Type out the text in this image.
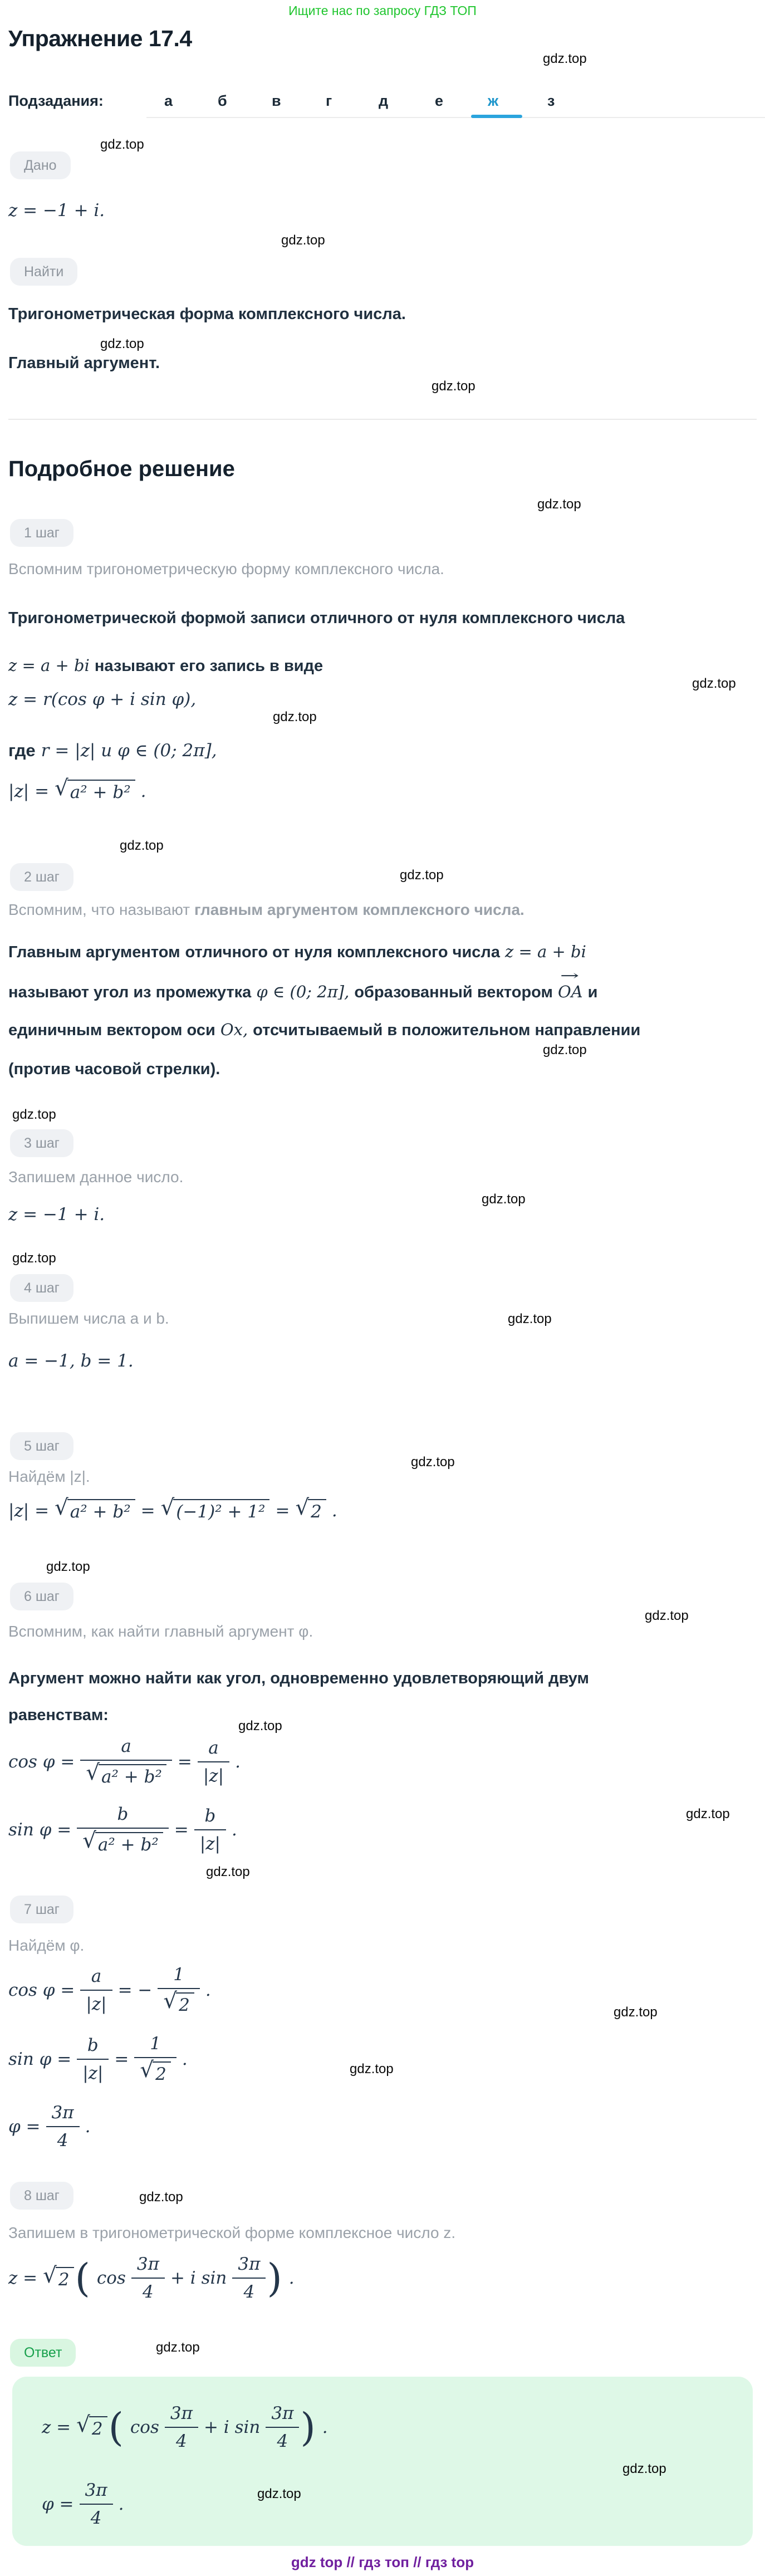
Ищите нас по запросу ГДЗ ТОП
Упражнение 17.4
gdz.top
Подзадания:	а	б	в	г	д	е	ж	з
gdz.top
Дано
z = −1 + i.
gdz.top
Найти
Тригонометрическая форма комплексного числа.
gdz.top
Главный аргумент.
gdz.top
Подробное решение
gdz.top
1 шаг
Вспомним тригонометрическую форму комплексного числа.
Тригонометрической формой записи отличного от нуля комплексного числа
z = a + bi называют его запись в виде
gdz.top
z = r(cos φ + i sin φ),
gdz.top
где r = |z| и φ ∈ (0; 2π],
|z| = √ a² + b² .
gdz.top
2 шаг	gdz.top
Вспомним, что называют главным аргументом комплексного числа.
Главным аргументом отличного от нуля комплексного числа z = a + bi
называют угол из промежутка φ ∈ (0; 2π], образованный вектором
→
OA и
единичным вектором оси Ox, отсчитываемый в положительном направлении
gdz.top
(против часовой стрелки).
gdz.top
3 шаг
Запишем данное число.
gdz.top
z = −1 + i.
gdz.top
4 шаг
Выпишем числа a и b.	gdz.top
a = −1, b = 1.
5 шаг
gdz.top
Найдём |z|.
|z| = √ a² + b² = √ (−1)² + 1² = √ 2 .
gdz.top
6 шаг
gdz.top
Вспомним, как найти главный аргумент φ.
Аргумент можно найти как угол, одновременно удовлетворяющий двум
равенствам:
gdz.top
$\cos \varphi = \frac{a}{\text{√ a² + b²}} = \frac{a}{|z|}$ .
gdz.top
$\sin \varphi = \frac{b}{\text{√ a² + b²}} = \frac{b}{|z|}$ .
gdz.top
7 шаг
Найдём φ.
$\cos \varphi = \frac{a}{|z|}$ = − $\frac{1}{√ 2}$ .
gdz.top
$\sin \varphi = \frac{b}{|z|} = \frac{1}{√ 2}$ .	gdz.top
$\varphi = \frac{3\pi}{4}$ .
8 шаг	gdz.top
Запишем в тригонометрической форме комплексное число z.
z = √ 2 ( $\cos \frac{3\pi}{4} + i$ $\sin \frac{3\pi}{4}$ ) .
Ответ	gdz.top
z = √ 2 ( $\cos \frac{3\pi}{4} + i$ $\sin \frac{3\pi}{4}$ ) .
gdz.top
$\varphi = \frac{3\pi}{4}$ .
gdz.top
gdz top // гдз топ // гдз top
